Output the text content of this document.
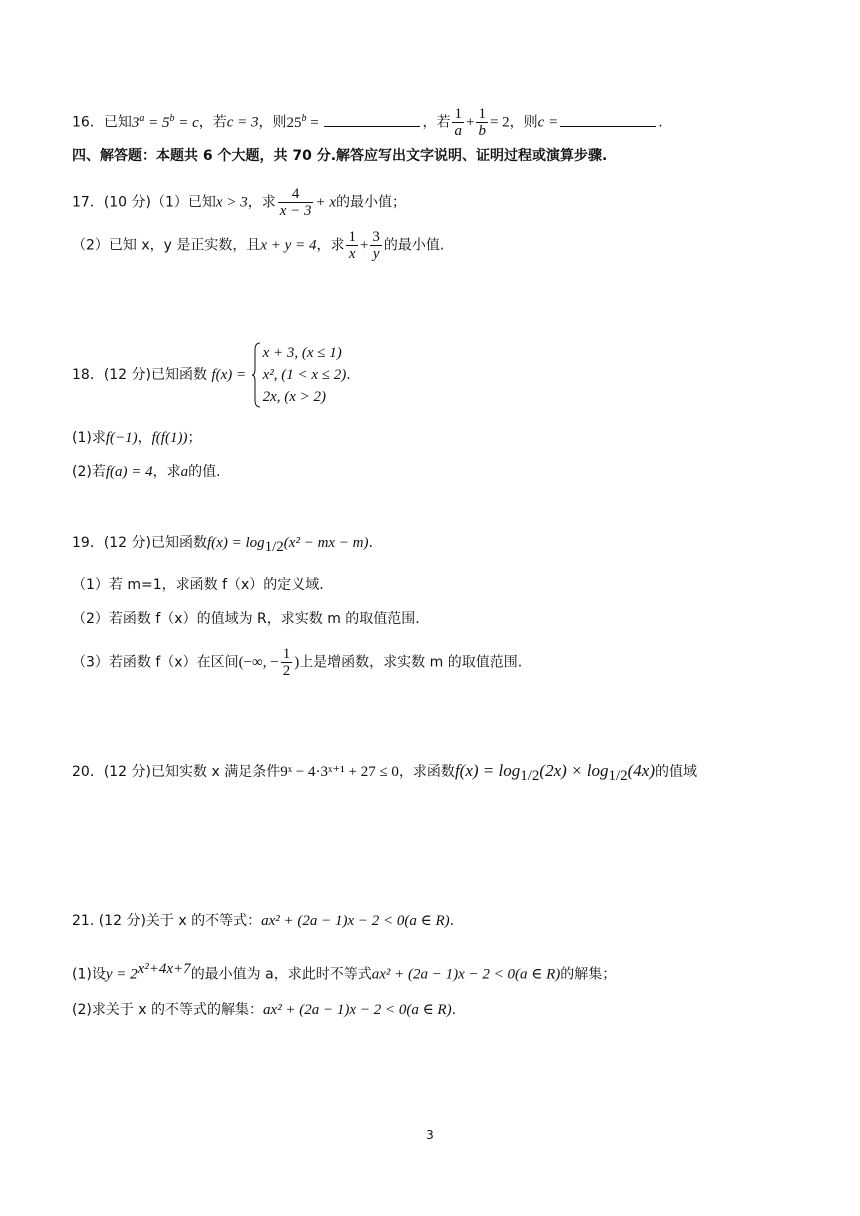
16．已知$3^a = 5^b = c$，若c = 3，则$25^b$ =	，若 $\frac{1}{a} + \frac{1}{b} = 2$，则c =	.
四、解答题：本题共 6 个大题，共 70 分.解答应写出文字说明、证明过程或演算步骤.
17．(10 分)（1）已知x > 3，求 $\frac{4}{x - 3} + x$的最小值；
（2）已知 x，y 是正实数，且x + y = 4，求 $\frac{1}{x} + \frac{3}{y}$ 的最小值.
18．(12 分)已知函数 f(x) =
x + 3, (x ≤ 1)
x², (1 < x ≤ 2)
2x, (x > 2)
.
(1)求f(−1)，f(f(1))；
(2)若f(a) = 4，求a的值.
19．(12 分)已知函数$f(x) = \log_{1/2}(x^2$ − mx − m).
（1）若 m=1，求函数 f（x）的定义域.
（2）若函数 f（x）的值域为 R，求实数 m 的取值范围.
（3）若函数 f（x）在区间(−∞, − $\frac{1}{2}$ )上是增函数，求实数 m 的取值范围.
20．(12 分)已知实数 x 满足条件9ˣ − 4·3ˣ⁺¹ + 27 ≤ 0，求函数$f(x) = \log_{1/2}(2x) \times \log_{1/2}(4x)$的值域
21. (12 分)关于 x 的不等式：ax² + (2a − 1)x − 2 < 0(a ∈ R).
(1)设$y = 2^{x^2+4x+7}$的最小值为 a，求此时不等式ax² + (2a − 1)x − 2 < 0(a ∈ R)的解集；
(2)求关于 x 的不等式的解集：ax² + (2a − 1)x − 2 < 0(a ∈ R).
3
